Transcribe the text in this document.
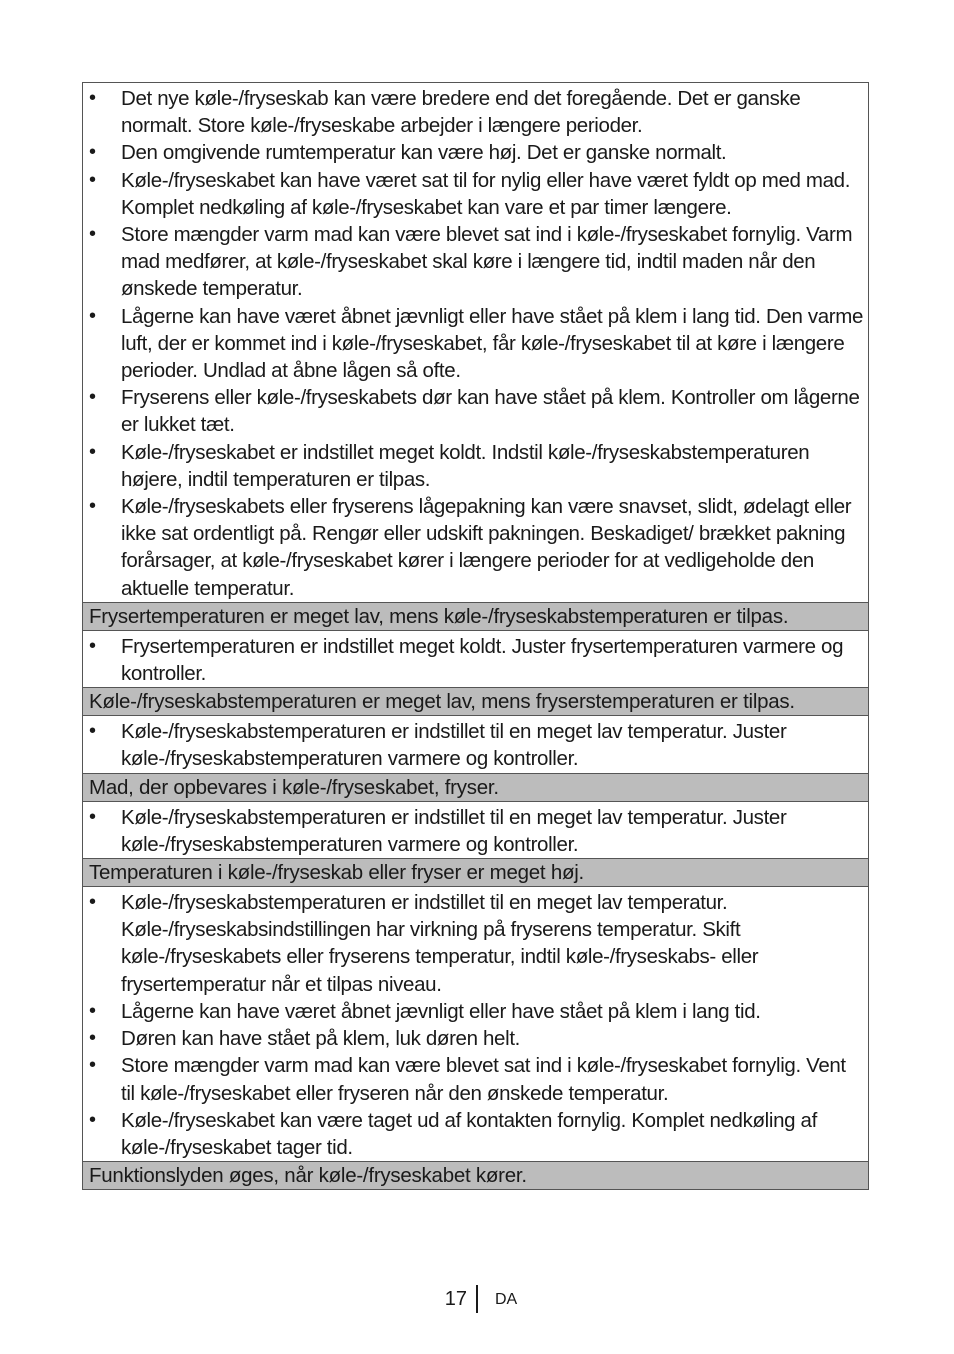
• Det nye køle-/fryseskab kan være bredere end det foregående. Det er ganske normalt. Store køle-/fryseskabe arbejder i længere perioder.
• Den omgivende rumtemperatur kan være høj. Det er ganske normalt.
• Køle-/fryseskabet kan have været sat til for nylig eller have været fyldt op med mad. Komplet nedkøling af køle-/fryseskabet kan vare et par timer længere.
• Store mængder varm mad kan være blevet sat ind i køle-/fryseskabet fornylig. Varm mad medfører, at køle-/fryseskabet skal køre i længere tid, indtil maden når den ønskede temperatur.
• Lågerne kan have været åbnet jævnligt eller have stået på klem i lang tid. Den varme luft, der er kommet ind i køle-/fryseskabet, får køle-/fryseskabet til at køre i længere perioder. Undlad at åbne lågen så ofte.
• Fryserens eller køle-/fryseskabets dør kan have stået på klem. Kontroller om lågerne er lukket tæt.
• Køle-/fryseskabet er indstillet meget koldt. Indstil køle-/fryseskabstemperaturen højere, indtil temperaturen er tilpas.
• Køle-/fryseskabets eller fryserens lågepakning kan være snavset, slidt, ødelagt eller ikke sat ordentligt på. Rengør eller udskift pakningen. Beskadiget/ brækket pakning forårsager, at køle-/fryseskabet kører i længere perioder for at vedligeholde den aktuelle temperatur.
Frysertemperaturen er meget lav, mens køle-/fryseskabstemperaturen er tilpas.
• Frysertemperaturen er indstillet meget koldt. Juster frysertemperaturen varmere og kontroller.
Køle-/fryseskabstemperaturen er meget lav, mens fryserstemperaturen er tilpas.
• Køle-/fryseskabstemperaturen er indstillet til en meget lav temperatur. Juster køle-/fryseskabstemperaturen varmere og kontroller.
Mad, der opbevares i køle-/fryseskabet, fryser.
• Køle-/fryseskabstemperaturen er indstillet til en meget lav temperatur. Juster køle-/fryseskabstemperaturen varmere og kontroller.
Temperaturen i køle-/fryseskab eller fryser er meget høj.
• Køle-/fryseskabstemperaturen er indstillet til en meget lav temperatur. Køle-/fryseskabsindstillingen har virkning på fryserens temperatur. Skift køle-/fryseskabets eller fryserens temperatur, indtil køle-/fryseskabs- eller frysertemperatur når et tilpas niveau.
• Lågerne kan have været åbnet jævnligt eller have stået på klem i lang tid.
• Døren kan have stået på klem, luk døren helt.
• Store mængder varm mad kan være blevet sat ind i køle-/fryseskabet fornylig. Vent til køle-/fryseskabet eller fryseren når den ønskede temperatur.
• Køle-/fryseskabet kan være taget ud af kontakten fornylig. Komplet nedkøling af køle-/fryseskabet tager tid.
Funktionslyden øges, når køle-/fryseskabet kører.
17 DA
